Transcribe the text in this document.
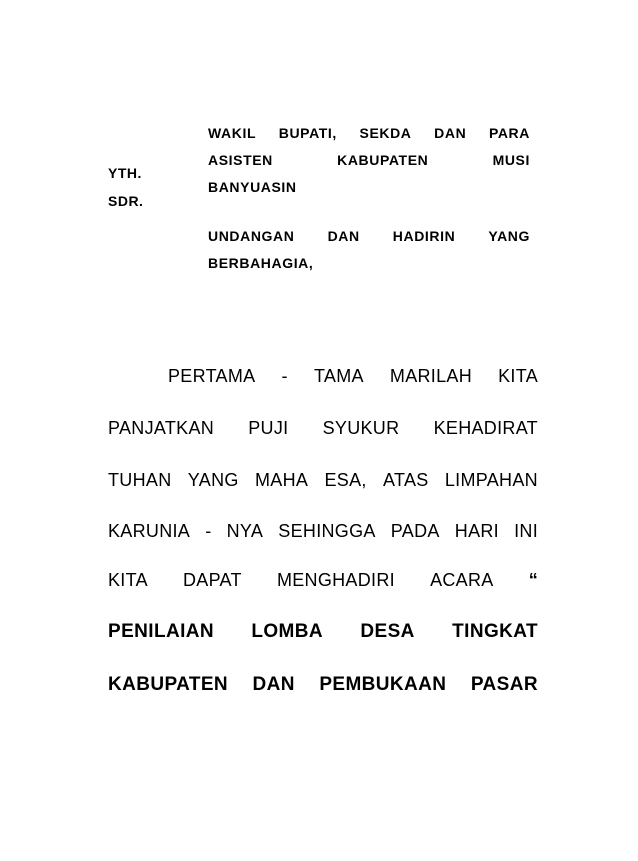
YTH.
SDR.
WAKIL BUPATI, SEKDA DAN PARA
ASISTEN	KABUPATEN	MUSI
BANYUASIN
UNDANGAN DAN HADIRIN YANG
BERBAHAGIA,
PERTAMA - TAMA MARILAH KITA
PANJATKAN PUJI SYUKUR KEHADIRAT
TUHAN YANG MAHA ESA, ATAS LIMPAHAN
KARUNIA - NYA SEHINGGA PADA HARI INI
KITA DAPAT MENGHADIRI ACARA “
PENILAIAN LOMBA DESA TINGKAT
KABUPATEN DAN PEMBUKAAN PASAR
